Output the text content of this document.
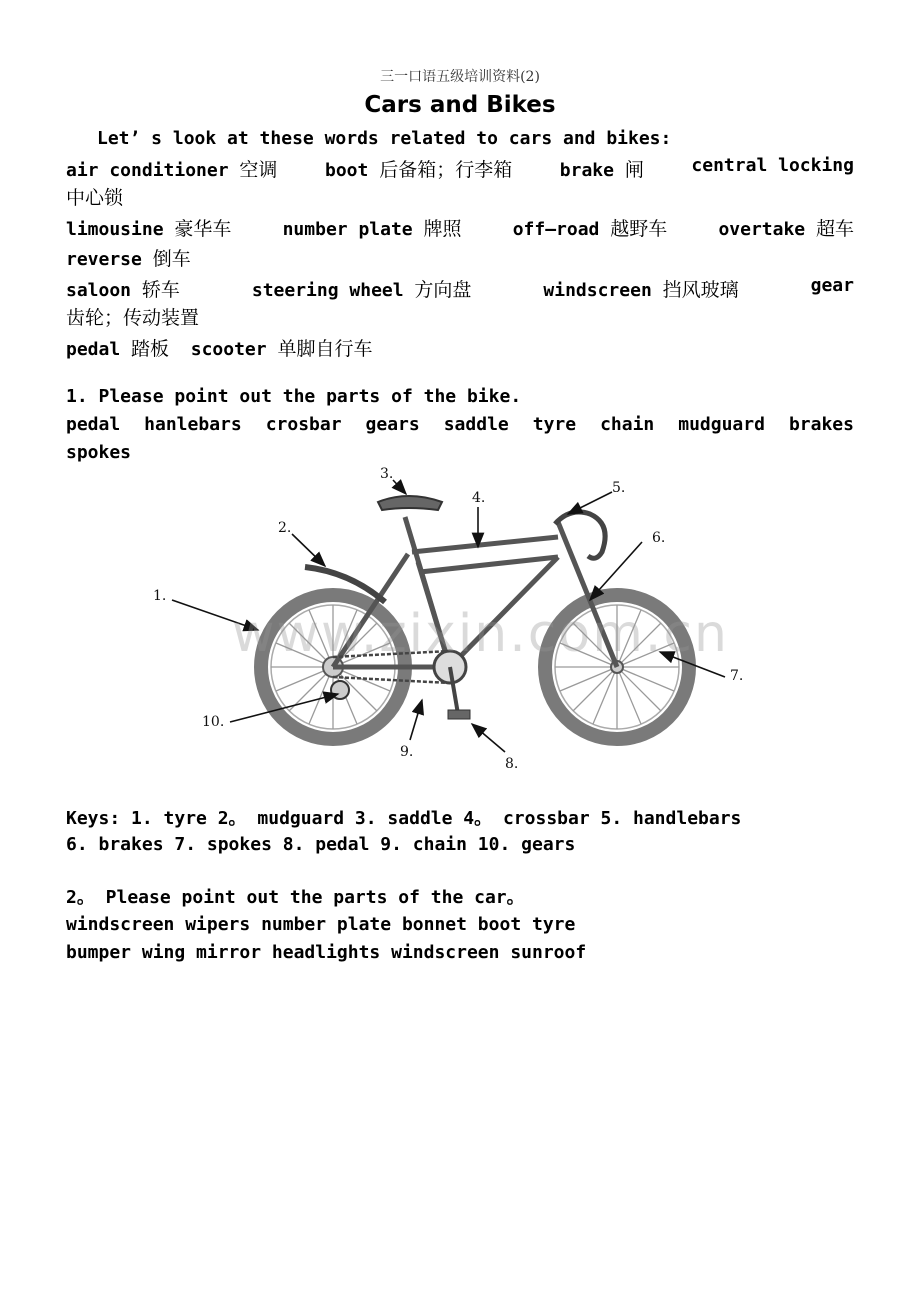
三一口语五级培训资料(2)
Cars and Bikes
Let’ s look at these words related to cars and bikes:
air conditioner 空调	boot 后备箱；行李箱	brake 闸	central locking
中心锁
limousine 豪华车	number plate 牌照	off—road 越野车	overtake 超车
reverse 倒车
saloon 轿车	steering wheel 方向盘	windscreen 挡风玻璃	gear
齿轮；传动装置
pedal 踏板 scooter 单脚自行车
1. Please point out the parts of the bike.
pedal hanlebars crosbar gears saddle tyre chain mudguard brakes
spokes
1.
2.
3.
4.
5.
6.
7.
8.
9.
10.
www.zixin.com.cn
Keys: 1. tyre 2。 mudguard 3. saddle 4。 crossbar 5. handlebars
6. brakes 7. spokes 8. pedal 9. chain 10. gears
2。 Please point out the parts of the car。
windscreen wipers number plate bonnet boot tyre
bumper wing mirror headlights windscreen sunroof
